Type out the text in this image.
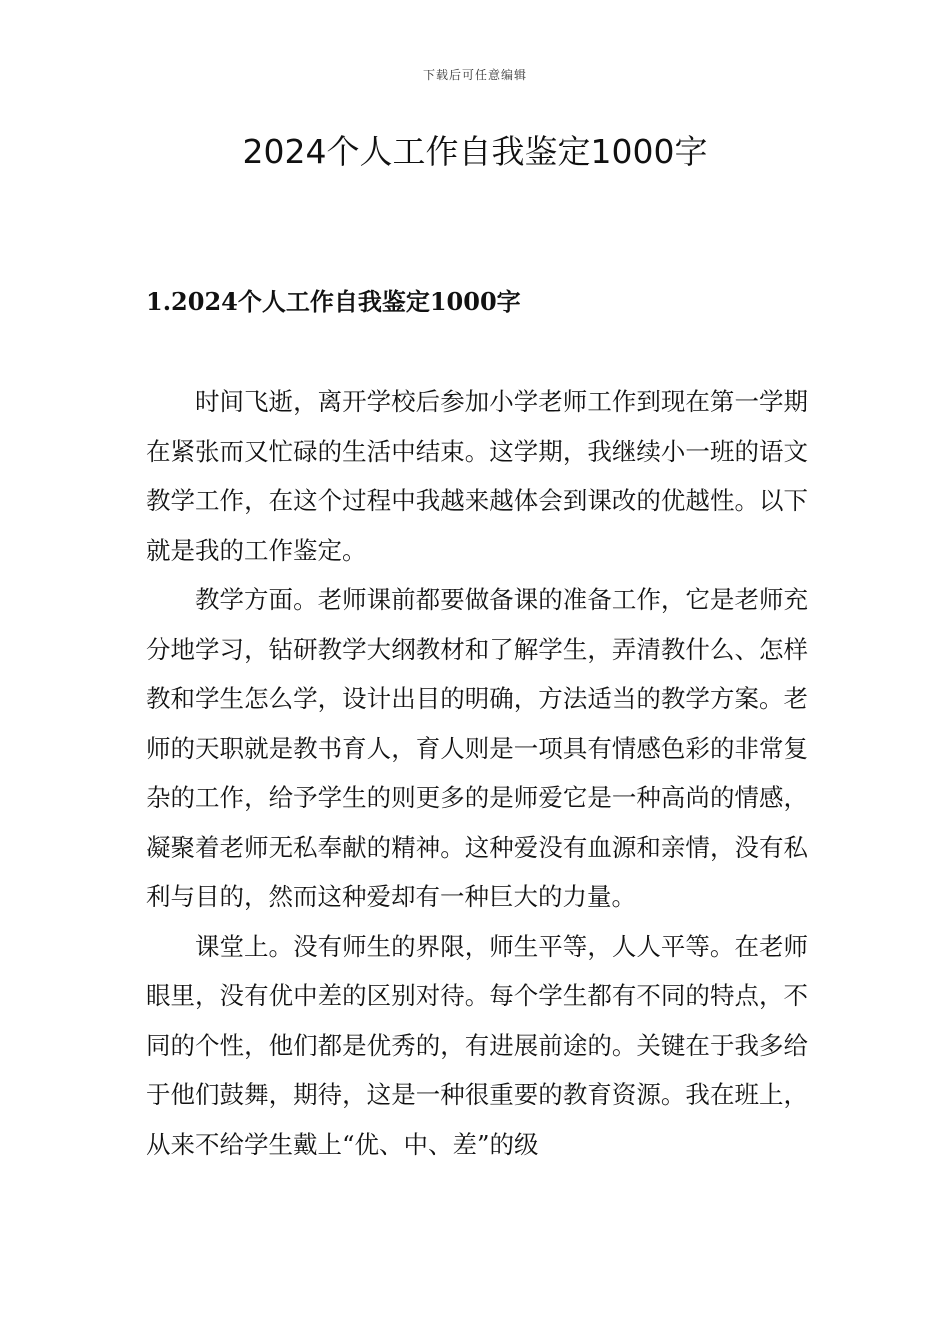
下载后可任意编辑
2024个人工作自我鉴定1000字
1.2024个人工作自我鉴定1000字

时间飞逝，离开学校后参加小学老师工作到现在第一学期在紧张而又忙碌的生活中结束。这学期，我继续小一班的语文教学工作，在这个过程中我越来越体会到课改的优越性。以下就是我的工作鉴定。

教学方面。老师课前都要做备课的准备工作，它是老师充分地学习，钻研教学大纲教材和了解学生，弄清教什么、怎样教和学生怎么学，设计出目的明确，方法适当的教学方案。老师的天职就是教书育人，育人则是一项具有情感色彩的非常复杂的工作，给予学生的则更多的是师爱它是一种高尚的情感，凝聚着老师无私奉献的精神。这种爱没有血源和亲情，没有私利与目的，然而这种爱却有一种巨大的力量。

课堂上。没有师生的界限，师生平等，人人平等。在老师眼里，没有优中差的区别对待。每个学生都有不同的特点，不同的个性，他们都是优秀的，有进展前途的。关键在于我多给于他们鼓舞，期待，这是一种很重要的教育资源。我在班上，从来不给学生戴上“优、中、差”的级
